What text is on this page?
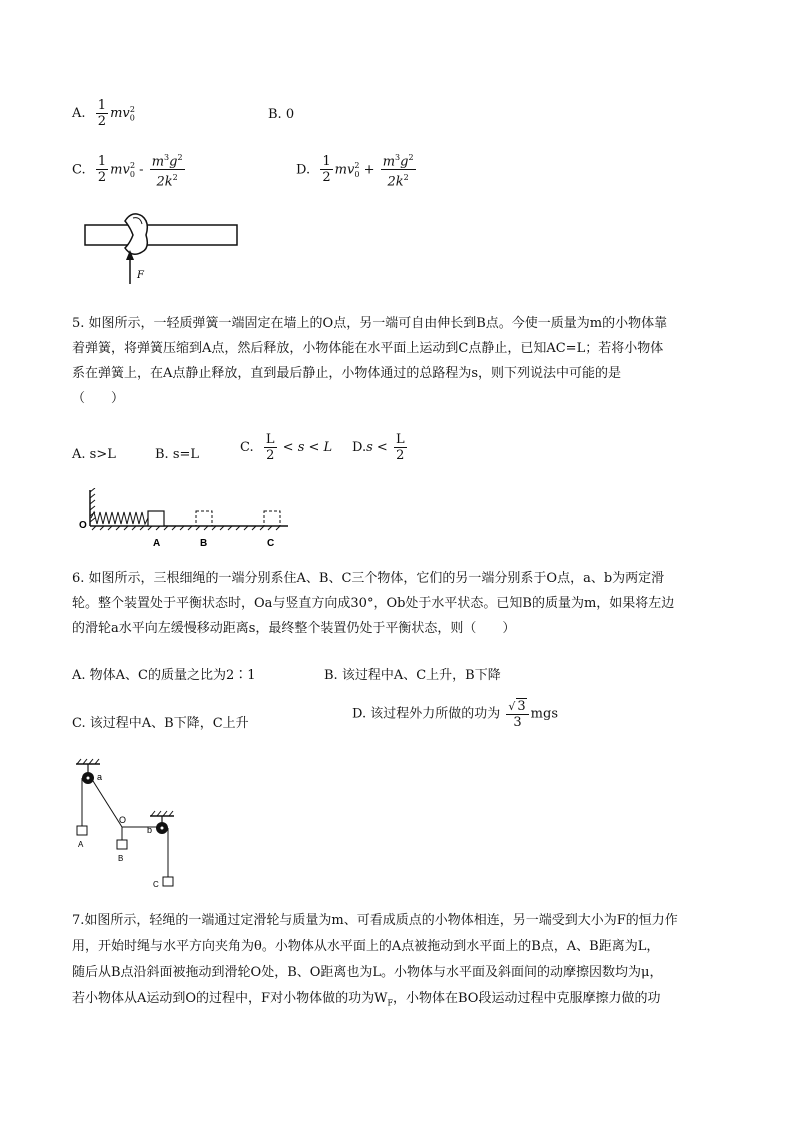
A. $\frac{1}{2} mv_0^2$	B. 0
C. $\frac{1}{2} mv_0^2 - \frac{m^3g^2}{2k^2}$	D. $\frac{1}{2} mv_0^2 + \frac{m^3g^2}{2k^2}$
F
5. 如图所示，一轻质弹簧一端固定在墙上的O点，另一端可自由伸长到B点。今使一质量为m的小物体靠
着弹簧，将弹簧压缩到A点，然后释放，小物体能在水平面上运动到C点静止，已知AC=L；若将小物体
系在弹簧上，在A点静止释放，直到最后静止，小物体通过的总路程为s，则下列说法中可能的是
（　　）
A. s>L	B. s=L	C. $\frac{L}{2} < s < L$ $D.s < \frac{L}{2}$
O
A	B	C
6. 如图所示，三根细绳的一端分别系住A、B、C三个物体，它们的另一端分别系于O点，a、b为两定滑
轮。整个装置处于平衡状态时，Oa与竖直方向成30°，Ob处于水平状态。已知B的质量为m，如果将左边
的滑轮a水平向左缓慢移动距离s，最终整个装置仍处于平衡状态，则（　　）
A. 物体A、C的质量之比为2∶1	B. 该过程中A、C上升，B下降
C. 该过程中A、B下降，C上升
D. 该过程外力所做的功为 $\frac{√ 3}{3}$ mgs
a
A
O
B
b
C
7.如图所示，轻绳的一端通过定滑轮与质量为m、可看成质点的小物体相连，另一端受到大小为F的恒力作
用，开始时绳与水平方向夹角为θ。小物体从水平面上的A点被拖动到水平面上的B点，A、B距离为L，
随后从B点沿斜面被拖动到滑轮O处，B、O距离也为L。小物体与水平面及斜面间的动摩擦因数均为μ，
若小物体从A运动到O的过程中，F对小物体做的功为$W_F$，小物体在BO段运动过程中克服摩擦力做的功
